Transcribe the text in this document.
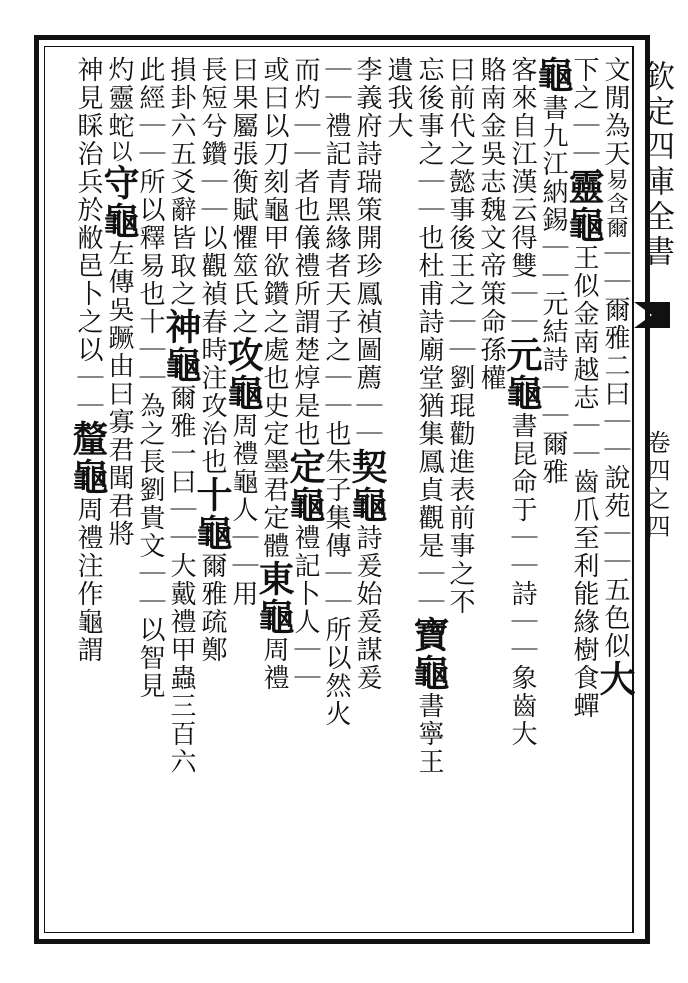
欽定四庫全書
卷四之四
文閒為天易含爾｜｜爾雅二曰｜｜說苑｜｜五色似大
下之｜｜靈龜王似金南越志｜｜齒爪至利能緣樹食蟬
龜書九江納錫｜｜元結詩｜｜爾雅
客來自江漢云得雙｜｜元龜書昆命于｜｜詩｜｜象齒大
賂南金吳志魏文帝策命孫權
曰前代之懿事後王之｜｜劉琨勸進表前事之不
忘後事之｜｜也杜甫詩廟堂猶集鳳貞觀是｜｜寶龜書寧王
遺我大
李義府詩瑞策開珍鳳禎圖薦｜｜契龜詩爰始爰謀爰
｜｜禮記青黑緣者天子之｜｜也朱子集傳｜｜所以然火
而灼｜｜者也儀禮所謂楚焞是也定龜禮記卜人｜｜
或曰以刀刻龜甲欲鑽之處也史定墨君定體東龜周禮
曰果屬張衡賦懼筮氏之攻龜周禮龜人｜｜用
長短兮鑽｜｜以觀禎春時注攻治也十龜爾雅疏鄭
損卦六五爻辭皆取之神龜爾雅一曰｜｜大戴禮甲蟲三百六
此經｜｜所以釋易也十｜｜為之長劉貴文｜｜以智見
灼靈蛇以守龜左傳吳蹶由曰寡君聞君將
神見睬治兵於敝邑卜之以｜｜釐龜周禮注作龜謂
